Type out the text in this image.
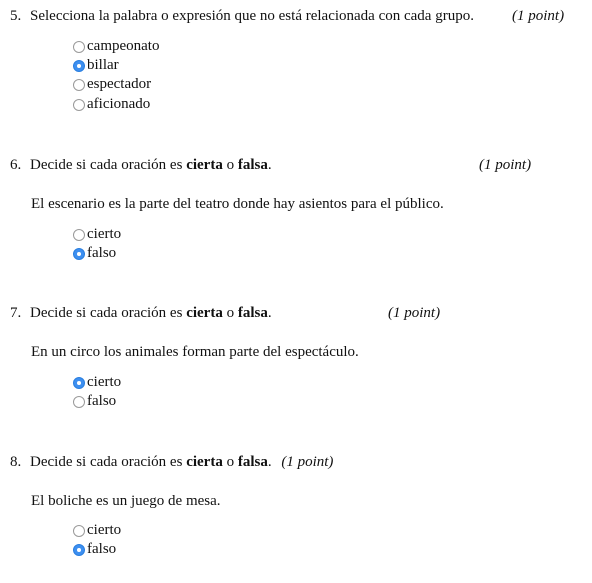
5. Selecciona la palabra o expresión que no está relacionada con cada grupo.	(1 point)
campeonato
billar
espectador
aficionado
6. Decide si cada oración es cierta o falsa.	(1 point)
El escenario es la parte del teatro donde hay asientos para el público.
cierto
falso
7. Decide si cada oración es cierta o falsa.	(1 point)
En un circo los animales forman parte del espectáculo.
cierto
falso
8. Decide si cada oración es cierta o falsa. (1 point)
El boliche es un juego de mesa.
cierto
falso
